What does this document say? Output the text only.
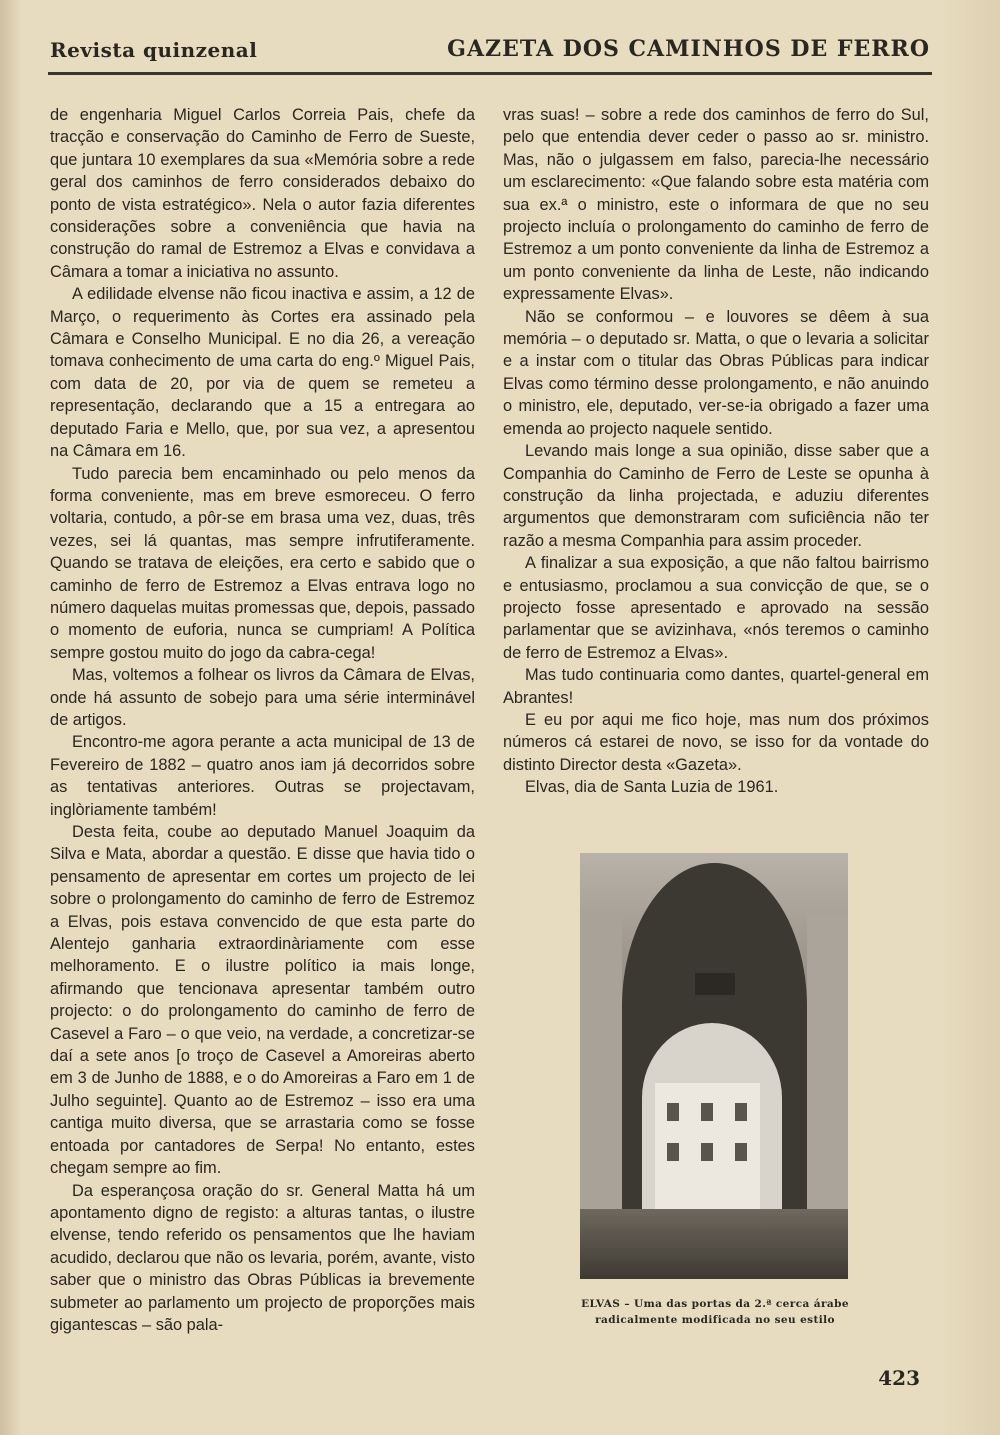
Revista quinzenal	GAZETA DOS CAMINHOS DE FERRO

de engenharia Miguel Carlos Correia Pais, chefe da tracção e conservação do Caminho de Ferro de Sueste, que juntara 10 exemplares da sua «Memória sobre a rede geral dos caminhos de ferro considerados debaixo do ponto de vista estratégico». Nela o autor fazia diferentes considerações sobre a conveniência que havia na construção do ramal de Estremoz a Elvas e convidava a Câmara a tomar a iniciativa no assunto.

A edilidade elvense não ficou inactiva e assim, a 12 de Março, o requerimento às Cortes era assinado pela Câmara e Conselho Municipal. E no dia 26, a vereação tomava conhecimento de uma carta do eng.º Miguel Pais, com data de 20, por via de quem se remeteu a representação, declarando que a 15 a entregara ao deputado Faria e Mello, que, por sua vez, a apresentou na Câmara em 16.

Tudo parecia bem encaminhado ou pelo menos da forma conveniente, mas em breve esmoreceu. O ferro voltaria, contudo, a pôr-se em brasa uma vez, duas, três vezes, sei lá quantas, mas sempre infrutiferamente. Quando se tratava de eleições, era certo e sabido que o caminho de ferro de Estremoz a Elvas entrava logo no número daquelas muitas promessas que, depois, passado o momento de euforia, nunca se cumpriam! A Política sempre gostou muito do jogo da cabra-cega!

Mas, voltemos a folhear os livros da Câmara de Elvas, onde há assunto de sobejo para uma série interminável de artigos.

Encontro-me agora perante a acta municipal de 13 de Fevereiro de 1882 – quatro anos iam já decorridos sobre as tentativas anteriores. Outras se projectavam, inglòriamente também!

Desta feita, coube ao deputado Manuel Joaquim da Silva e Mata, abordar a questão. E disse que havia tido o pensamento de apresentar em cortes um projecto de lei sobre o prolongamento do caminho de ferro de Estremoz a Elvas, pois estava convencido de que esta parte do Alentejo ganharia extraordinàriamente com esse melhoramento. E o ilustre político ia mais longe, afirmando que tencionava apresentar também outro projecto: o do prolongamento do caminho de ferro de Casevel a Faro – o que veio, na verdade, a concretizar-se daí a sete anos [o troço de Casevel a Amoreiras aberto em 3 de Junho de 1888, e o do Amoreiras a Faro em 1 de Julho seguinte]. Quanto ao de Estremoz – isso era uma cantiga muito diversa, que se arrastaria como se fosse entoada por cantadores de Serpa! No entanto, estes chegam sempre ao fim.

Da esperançosa oração do sr. General Matta há um apontamento digno de registo: a alturas tantas, o ilustre elvense, tendo referido os pensamentos que lhe haviam acudido, declarou que não os levaria, porém, avante, visto saber que o ministro das Obras Públicas ia brevemente submeter ao parlamento um projecto de proporções mais gigantescas – são pala-

vras suas! – sobre a rede dos caminhos de ferro do Sul, pelo que entendia dever ceder o passo ao sr. ministro. Mas, não o julgassem em falso, parecia-lhe necessário um esclarecimento: «Que falando sobre esta matéria com sua ex.ª o ministro, este o informara de que no seu projecto incluía o prolongamento do caminho de ferro de Estremoz a um ponto conveniente da linha de Estremoz a um ponto conveniente da linha de Leste, não indicando expressamente Elvas».

Não se conformou – e louvores se dêem à sua memória – o deputado sr. Matta, o que o levaria a solicitar e a instar com o titular das Obras Públicas para indicar Elvas como término desse prolongamento, e não anuindo o ministro, ele, deputado, ver-se-ia obrigado a fazer uma emenda ao projecto naquele sentido.

Levando mais longe a sua opinião, disse saber que a Companhia do Caminho de Ferro de Leste se opunha à construção da linha projectada, e aduziu diferentes argumentos que demonstraram com suficiência não ter razão a mesma Companhia para assim proceder.

A finalizar a sua exposição, a que não faltou bairrismo e entusiasmo, proclamou a sua convicção de que, se o projecto fosse apresentado e aprovado na sessão parlamentar que se avizinhava, «nós teremos o caminho de ferro de Estremoz a Elvas».

Mas tudo continuaria como dantes, quartel-general em Abrantes!

E eu por aqui me fico hoje, mas num dos próximos números cá estarei de novo, se isso for da vontade do distinto Director desta «Gazeta».

Elvas, dia de Santa Luzia de 1961.

ELVAS – Uma das portas da 2.ª cerca árabe
radicalmente modificada no seu estilo
423
